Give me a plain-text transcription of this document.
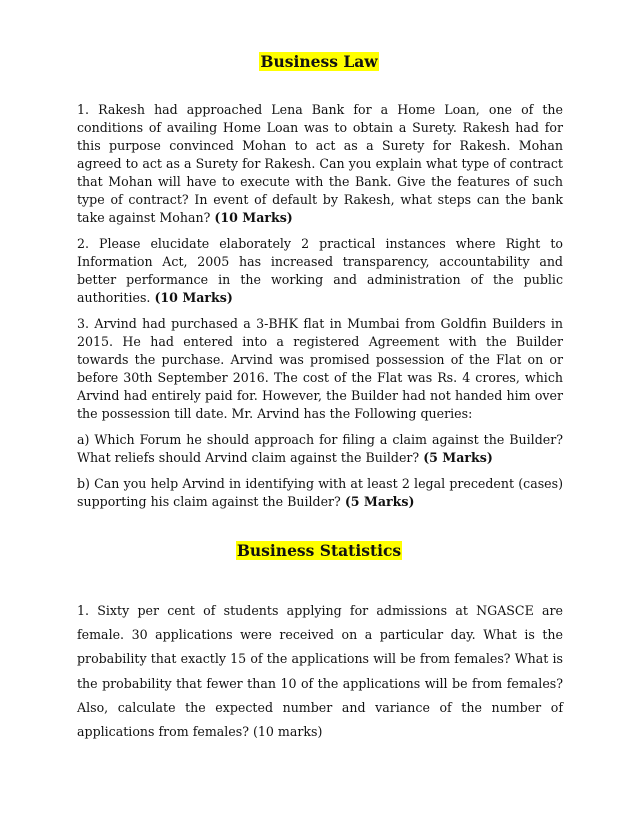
Business Law

1. Rakesh had approached Lena Bank for a Home Loan, one of the conditions of availing Home Loan was to obtain a Surety. Rakesh had for this purpose convinced Mohan to act as a Surety for Rakesh. Mohan agreed to act as a Surety for Rakesh. Can you explain what type of contract that Mohan will have to execute with the Bank. Give the features of such type of contract? In event of default by Rakesh, what steps can the bank take against Mohan? (10 Marks)

2. Please elucidate elaborately 2 practical instances where Right to Information Act, 2005 has increased transparency, accountability and better performance in the working and administration of the public authorities. (10 Marks)

3. Arvind had purchased a 3-BHK flat in Mumbai from Goldfin Builders in 2015. He had entered into a registered Agreement with the Builder towards the purchase. Arvind was promised possession of the Flat on or before 30th September 2016. The cost of the Flat was Rs. 4 crores, which Arvind had entirely paid for. However, the Builder had not handed him over the possession till date. Mr. Arvind has the Following queries:

a) Which Forum he should approach for filing a claim against the Builder? What reliefs should Arvind claim against the Builder? (5 Marks)

b) Can you help Arvind in identifying with at least 2 legal precedent (cases) supporting his claim against the Builder? (5 Marks)

Business Statistics

1. Sixty per cent of students applying for admissions at NGASCE are female. 30 applications were received on a particular day. What is the probability that exactly 15 of the applications will be from females? What is the probability that fewer than 10 of the applications will be from females? Also, calculate the expected number and variance of the number of applications from females? (10 marks)
